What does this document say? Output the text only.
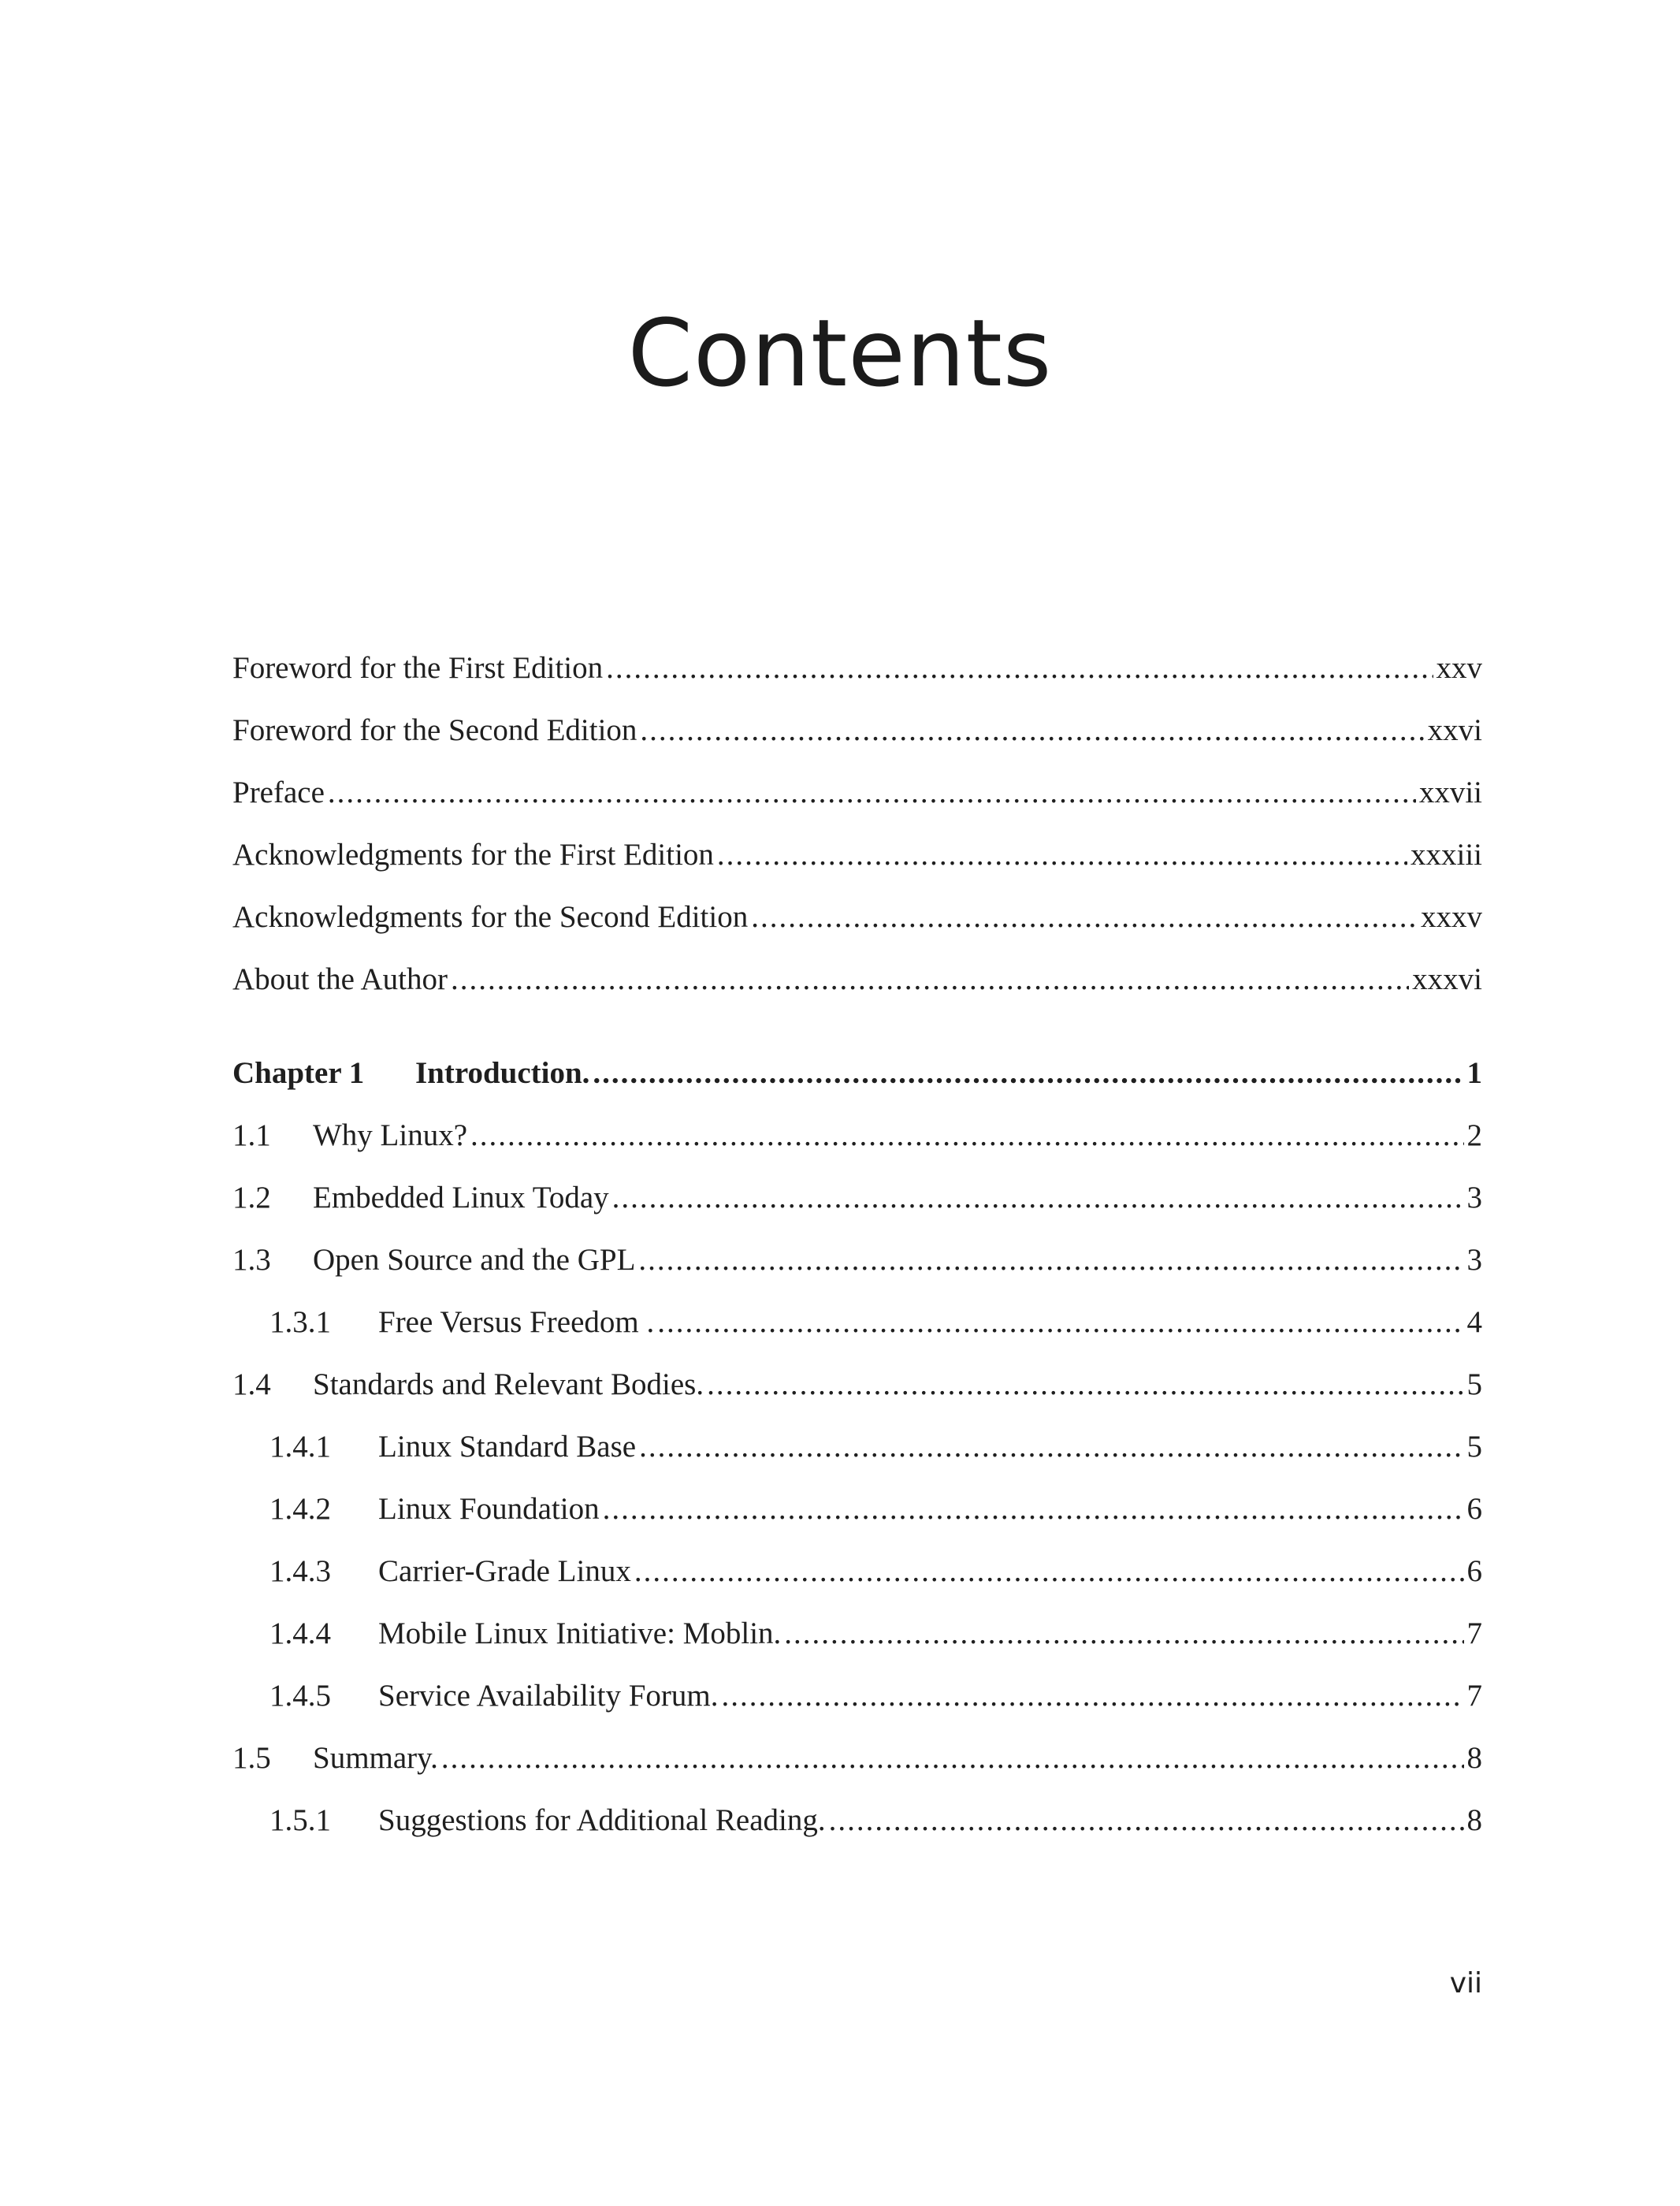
Contents
Foreword for the First Edition .....	xxv
Foreword for the Second Edition .....	xxvi
Preface .....	xxvii
Acknowledgments for the First Edition .....	xxxiii
Acknowledgments for the Second Edition .....	xxxv
About the Author .....	xxxvi
Chapter 1	Introduction. .....	1
1.1	Why Linux? .....	2
1.2	Embedded Linux Today .....	3
1.3	Open Source and the GPL .....	3
1.3.1	Free Versus Freedom . .....	4
1.4	Standards and Relevant Bodies. .....	5
1.4.1	Linux Standard Base .....	5
1.4.2	Linux Foundation .....	6
1.4.3	Carrier-Grade Linux .....	6
1.4.4	Mobile Linux Initiative: Moblin. .....	7
1.4.5	Service Availability Forum. .....	7
1.5	Summary. .....	8
1.5.1	Suggestions for Additional Reading. .....	8
vii
